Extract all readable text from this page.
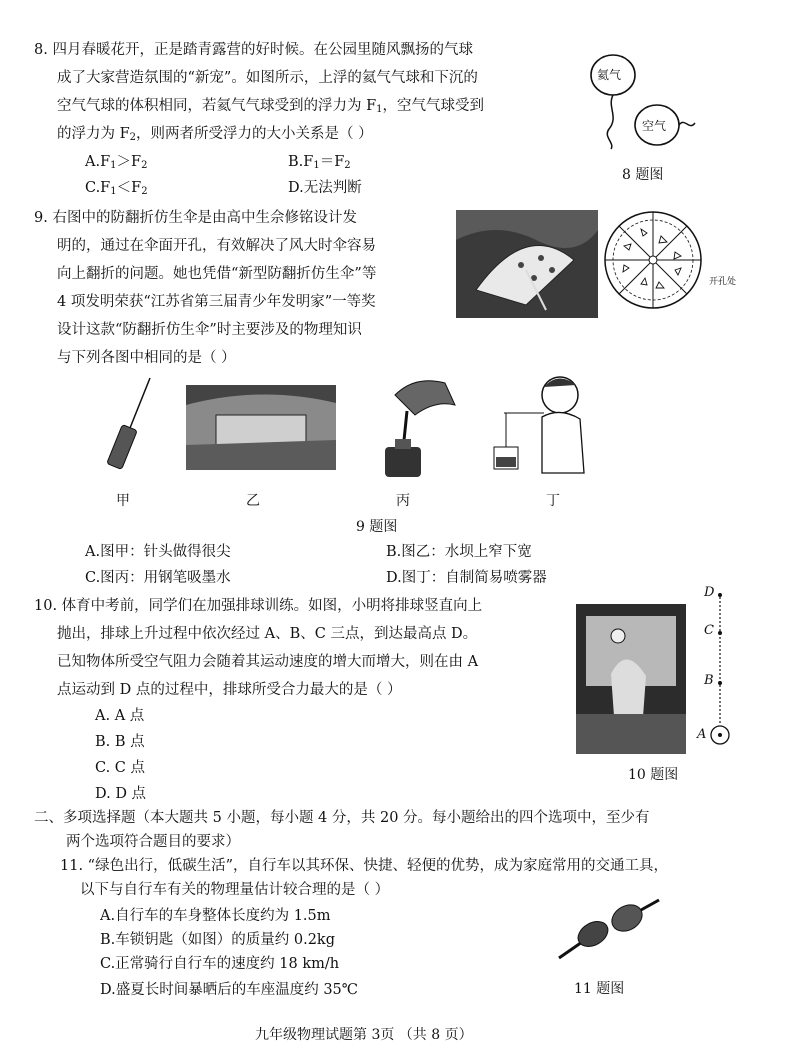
8. 四月春暖花开，正是踏青露营的好时候。在公园里随风飘扬的气球
成了大家营造氛围的“新宠”。如图所示，上浮的氦气气球和下沉的
空气气球的体积相同，若氦气气球受到的浮力为 $F_1$，空气气球受到
的浮力为 $F_2$，则两者所受浮力的大小关系是（ ）
$A.F_1>F_2$	$B.F_1=F_2$
$C.F_1<F_2$	D.无法判断
氦气
空气
8 题图
9. 右图中的防翻折仿生伞是由高中生佘修铭设计发
明的，通过在伞面开孔，有效解决了风大时伞容易
向上翻折的问题。她也凭借“新型防翻折仿生伞”等
4 项发明荣获“江苏省第三届青少年发明家”一等奖
设计这款“防翻折仿生伞”时主要涉及的物理知识
与下列各图中相同的是（ ）
开孔处
甲	乙	丙	丁
9 题图
A.图甲：针头做得很尖	B.图乙：水坝上窄下宽
C.图丙：用钢笔吸墨水	D.图丁：自制简易喷雾器
10. 体育中考前，同学们在加强排球训练。如图，小明将排球竖直向上
抛出，排球上升过程中依次经过 A、B、C 三点，到达最高点 D。
已知物体所受空气阻力会随着其运动速度的增大而增大，则在由 A
点运动到 D 点的过程中，排球所受合力最大的是（ ）
A. A 点
B. B 点
C. C 点
D. D 点
D
C
B
A
10 题图
二、多项选择题（本大题共 5 小题，每小题 4 分，共 20 分。每小题给出的四个选项中，至少有
两个选项符合题目的要求）
11. “绿色出行，低碳生活”，自行车以其环保、快捷、轻便的优势，成为家庭常用的交通工具，
以下与自行车有关的物理量估计较合理的是（ ）
A.自行车的车身整体长度约为 1.5m
B.车锁钥匙（如图）的质量约 0.2kg
C.正常骑行自行车的速度约 18 km/h
D.盛夏长时间暴晒后的车座温度约 35℃	11 题图
九年级物理试题第 3页 （共 8 页）
